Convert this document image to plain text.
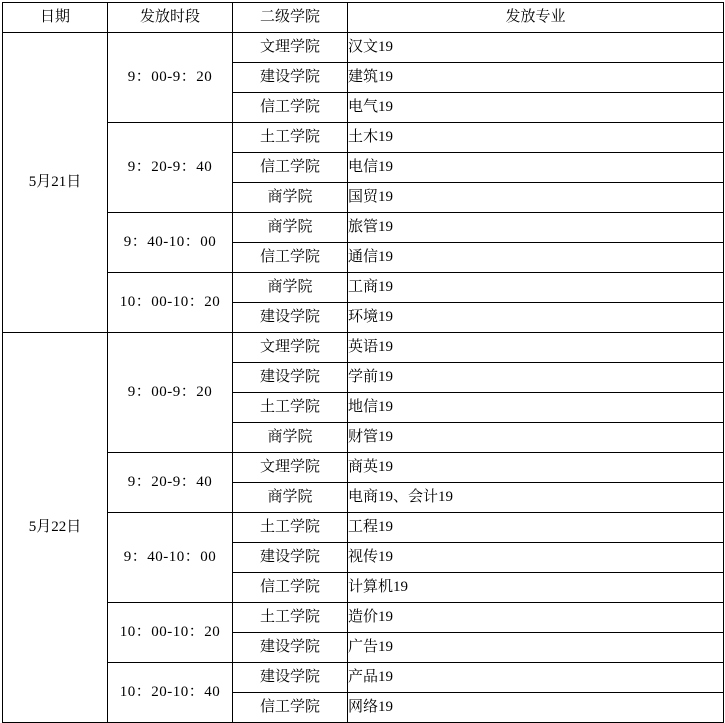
日期	发放时段	二级学院	发放专业
5月21日	9：00-9：20	文理学院	汉文19
		建设学院	建筑19
		信工学院	电气19
	9：20-9：40	土工学院	土木19
		信工学院	电信19
		商学院	国贸19
	9：40-10：00	商学院	旅管19
		信工学院	通信19
	10：00-10：20	商学院	工商19
		建设学院	环境19
5月22日	9：00-9：20	文理学院	英语19
		建设学院	学前19
		土工学院	地信19
		商学院	财管19
	9：20-9：40	文理学院	商英19
		商学院	电商19、会计19
	9：40-10：00	土工学院	工程19
		建设学院	视传19
		信工学院	计算机19
	10：00-10：20	土工学院	造价19
		建设学院	广告19
	10：20-10：40	建设学院	产品19
		信工学院	网络19
